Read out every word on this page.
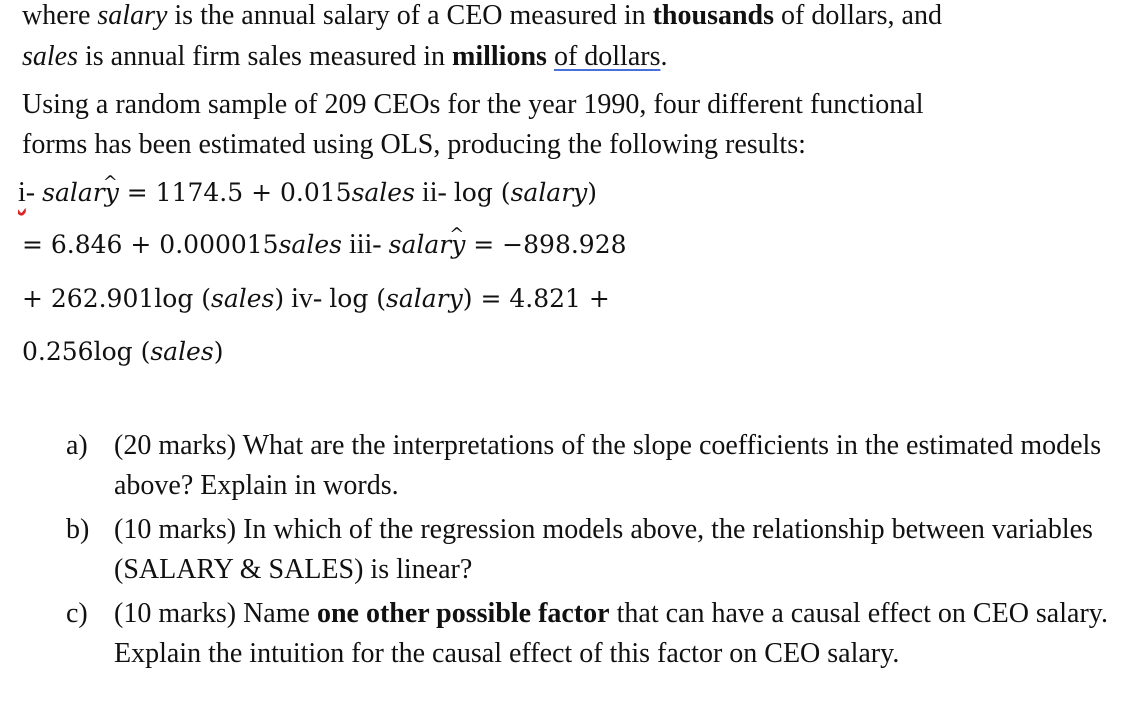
where salary is the annual salary of a CEO measured in thousands of dollars, and
sales is annual firm sales measured in millions of dollars.
Using a random sample of 209 CEOs for the year 1990, four different functional
forms has been estimated using OLS, producing the following results:
i- salary ^ = 1174.5 + 0.015sales ii- log (salary)
= 6.846 + 0.000015sales iii- salary ^ = −898.928
+ 262.901log (sales) iv- log (salary) = 4.821 +
0.256log (sales)
a) (20 marks) What are the interpretations of the slope coefficients in the estimated models above? Explain in words.
b) (10 marks) In which of the regression models above, the relationship between variables (SALARY & SALES) is linear?
c) (10 marks) Name one other possible factor that can have a causal effect on CEO salary. Explain the intuition for the causal effect of this factor on CEO salary.
